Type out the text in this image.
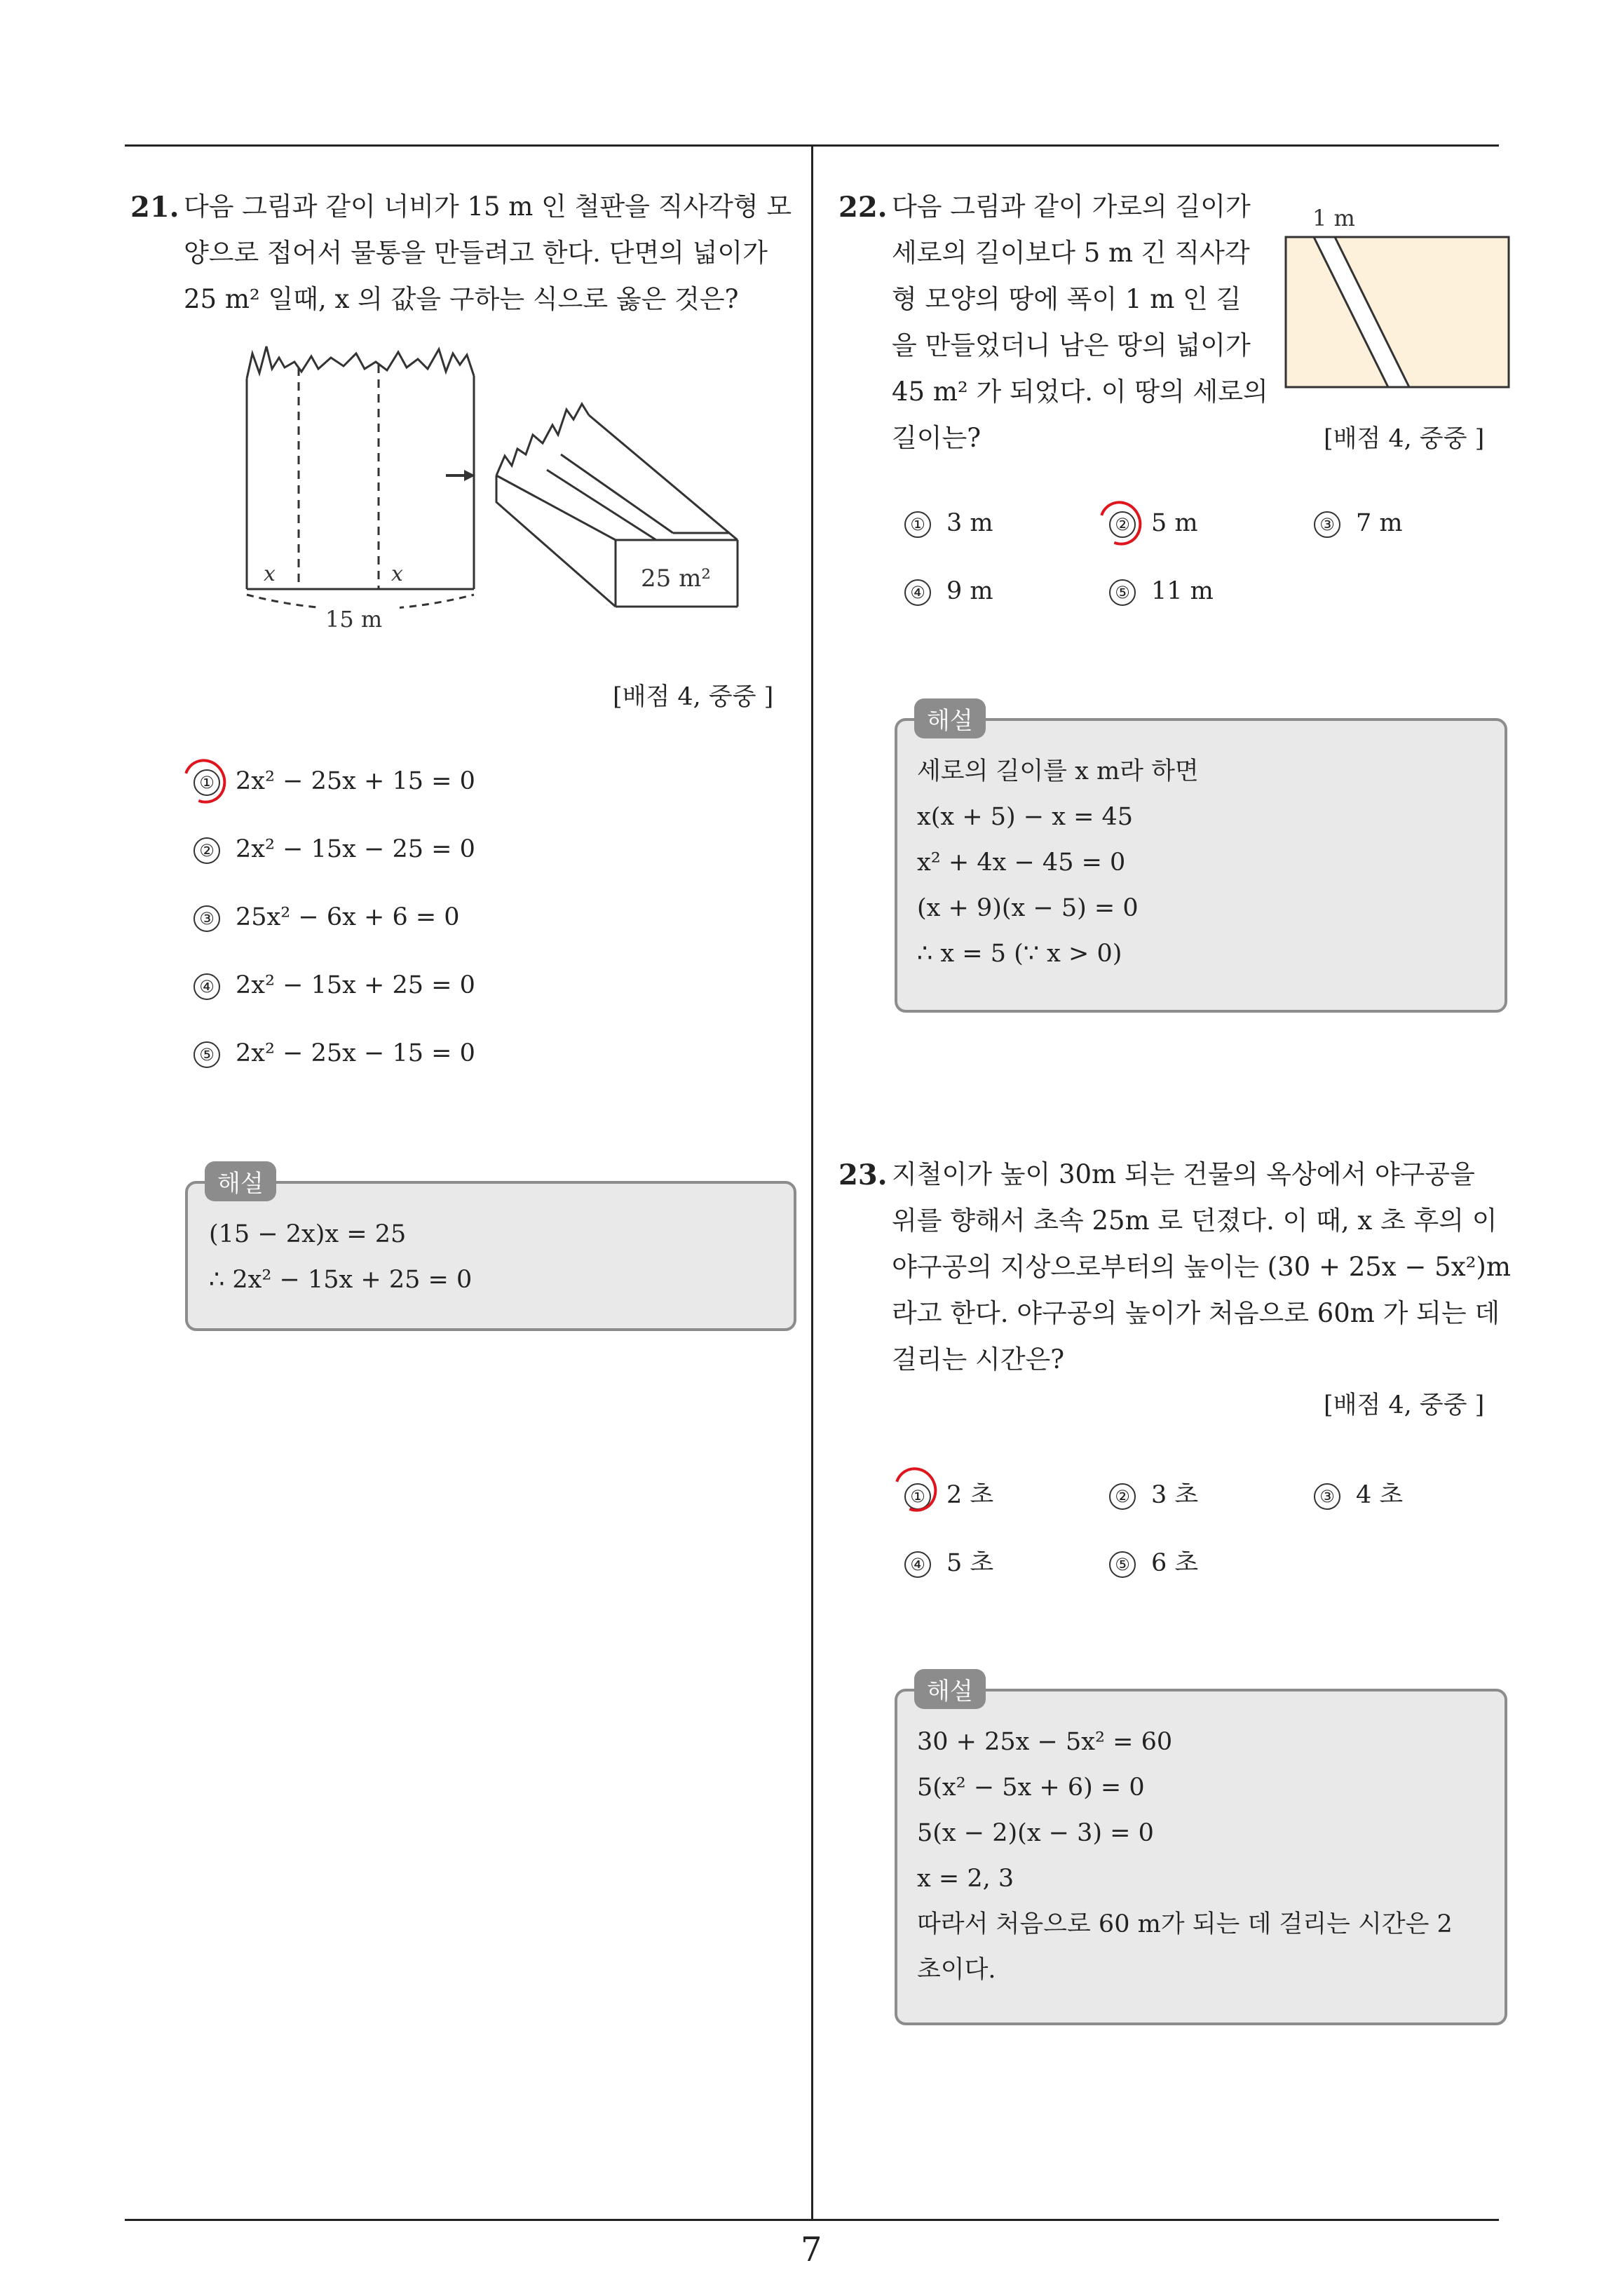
7
21. 다음 그림과 같이 너비가 15 m 인 철판을 직사각형 모
양으로 접어서 물통을 만들려고 한다. 단면의 넓이가
25 m² 일때, x 의 값을 구하는 식으로 옳은 것은?
x	x
15 m
25 m²
[배점 4, 중중 ]
① 2x² − 25x + 15 = 0
② 2x² − 15x − 25 = 0
③ 25x² − 6x + 6 = 0
④ 2x² − 15x + 25 = 0
⑤ 2x² − 25x − 15 = 0
해설
(15 − 2x)x = 25
∴ 2x² − 15x + 25 = 0
22. 다음 그림과 같이 가로의 길이가
세로의 길이보다 5 m 긴 직사각
형 모양의 땅에 폭이 1 m 인 길
을 만들었더니 남은 땅의 넓이가
45 m² 가 되었다. 이 땅의 세로의
길이는?
1 m
[배점 4, 중중 ]
① 3 m	② 5 m	③ 7 m
④ 9 m	⑤ 11 m
해설
세로의 길이를 x m라 하면
x(x + 5) − x = 45
x² + 4x − 45 = 0
(x + 9)(x − 5) = 0
∴ x = 5 (∵ x > 0)
23. 지철이가 높이 30m 되는 건물의 옥상에서 야구공을
위를 향해서 초속 25m 로 던졌다. 이 때, x 초 후의 이
야구공의 지상으로부터의 높이는 (30 + 25x − 5x²)m
라고 한다. 야구공의 높이가 처음으로 60m 가 되는 데
걸리는 시간은?
[배점 4, 중중 ]
① 2 초	② 3 초	③ 4 초
④ 5 초	⑤ 6 초
해설
30 + 25x − 5x² = 60
5(x² − 5x + 6) = 0
5(x − 2)(x − 3) = 0
x = 2, 3
따라서 처음으로 60 m가 되는 데 걸리는 시간은 2
초이다.
